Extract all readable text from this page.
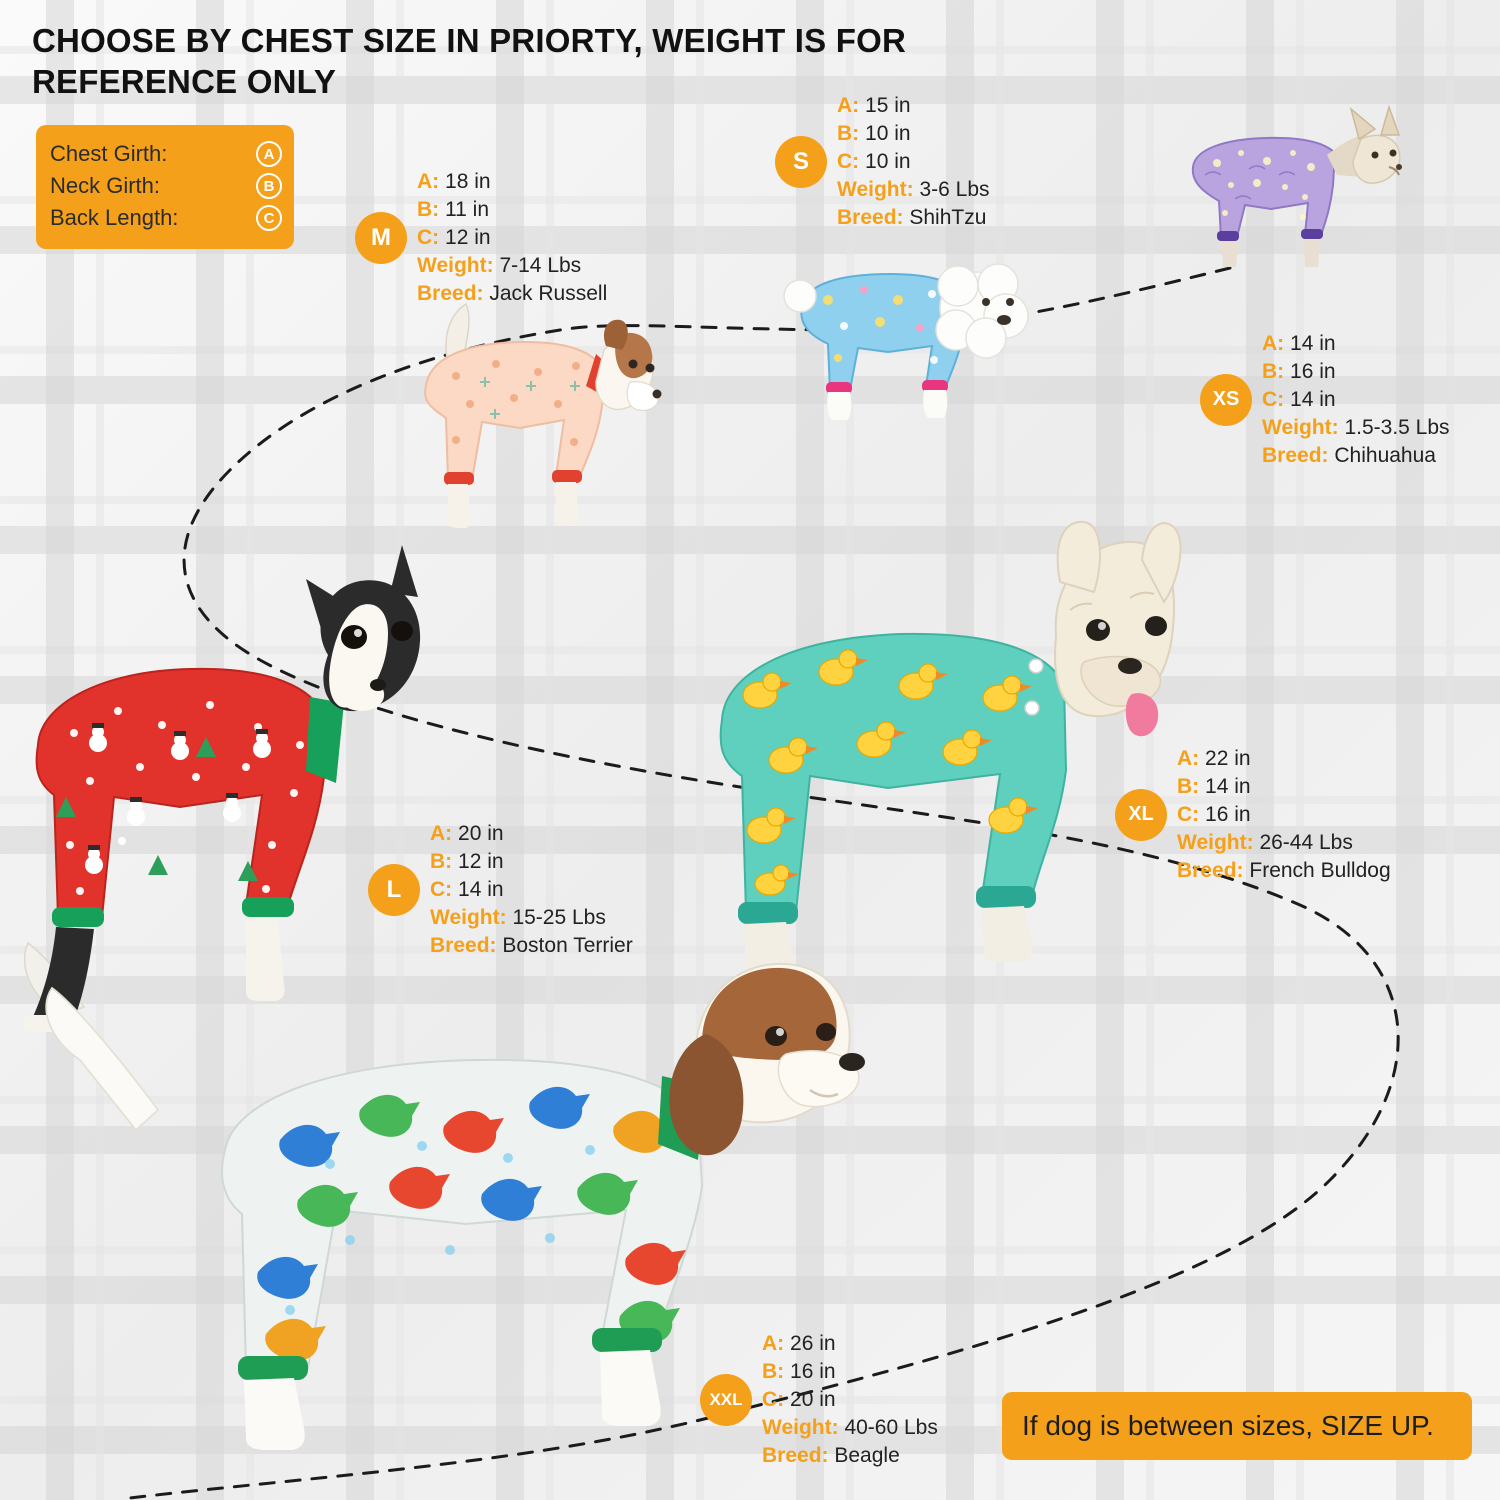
CHOOSE BY CHEST SIZE IN PRIORTY, WEIGHT IS FOR REFERENCE ONLY
Chest Girth:	A
Neck Girth:	B
Back Length:	C
XS
A: 14 in
B: 16 in
C: 14 in
Weight: 1.5-3.5 Lbs
Breed: Chihuahua
S
A: 15 in
B: 10 in
C: 10 in
Weight: 3-6 Lbs
Breed: ShihTzu
M
A: 18 in
B: 11 in
C: 12 in
Weight: 7-14 Lbs
Breed: Jack Russell
L
A: 20 in
B: 12 in
C: 14 in
Weight: 15-25 Lbs
Breed: Boston Terrier
XL
A: 22 in
B: 14 in
C: 16 in
Weight: 26-44 Lbs
Breed: French Bulldog
XXL
A: 26 in
B: 16 in
C: 20 in
Weight: 40-60 Lbs
Breed: Beagle
If dog is between sizes, SIZE UP.
